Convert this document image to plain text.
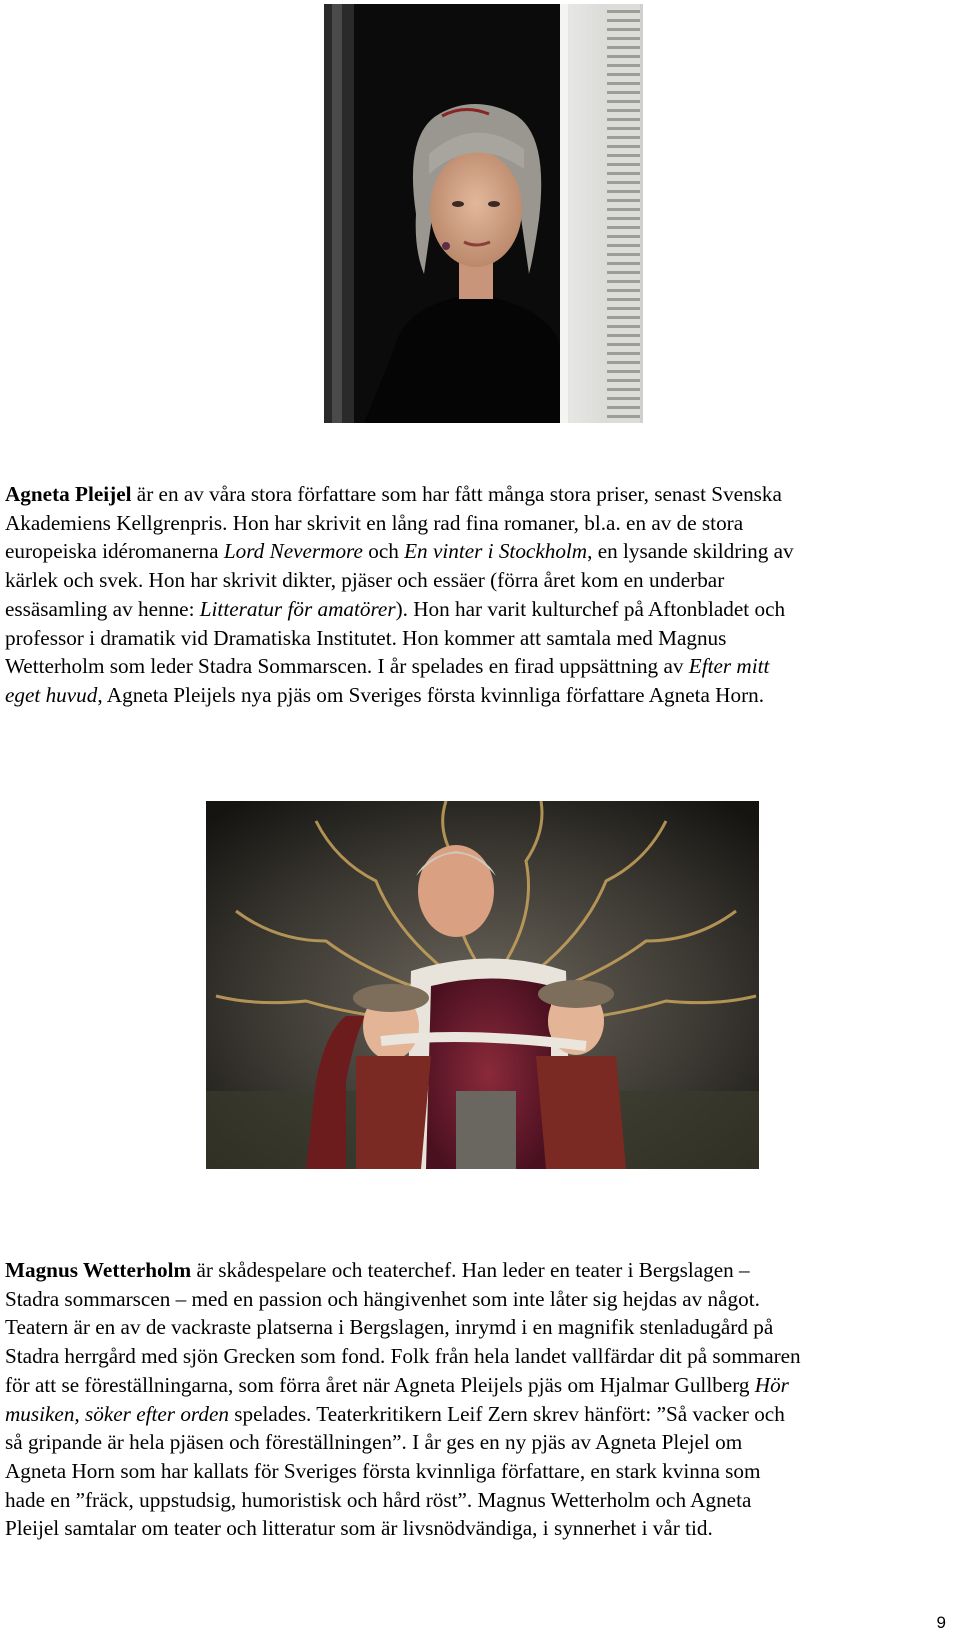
Agneta Pleijel är en av våra stora författare som har fått många stora priser, senast Svenska
Akademiens Kellgrenpris. Hon har skrivit en lång rad fina romaner, bl.a. en av de stora
europeiska idéromanerna Lord Nevermore och En vinter i Stockholm, en lysande skildring av
kärlek och svek. Hon har skrivit dikter, pjäser och essäer (förra året kom en underbar
essäsamling av henne: Litteratur för amatörer). Hon har varit kulturchef på Aftonbladet och
professor i dramatik vid Dramatiska Institutet. Hon kommer att samtala med Magnus
Wetterholm som leder Stadra Sommarscen. I år spelades en firad uppsättning av Efter mitt
eget huvud, Agneta Pleijels nya pjäs om Sveriges första kvinnliga författare Agneta Horn.

Magnus Wetterholm är skådespelare och teaterchef. Han leder en teater i Bergslagen –
Stadra sommarscen – med en passion och hängivenhet som inte låter sig hejdas av något.
Teatern är en av de vackraste platserna i Bergslagen, inrymd i en magnifik stenladugård på
Stadra herrgård med sjön Grecken som fond. Folk från hela landet vallfärdar dit på sommaren
för att se föreställningarna, som förra året när Agneta Pleijels pjäs om Hjalmar Gullberg Hör
musiken, söker efter orden spelades. Teaterkritikern Leif Zern skrev hänfört: ”Så vacker och
så gripande är hela pjäsen och föreställningen”. I år ges en ny pjäs av Agneta Plejel om
Agneta Horn som har kallats för Sveriges första kvinnliga författare, en stark kvinna som
hade en ”fräck, uppstudsig, humoristisk och hård röst”. Magnus Wetterholm och Agneta
Pleijel samtalar om teater och litteratur som är livsnödvändiga, i synnerhet i vår tid.

9
